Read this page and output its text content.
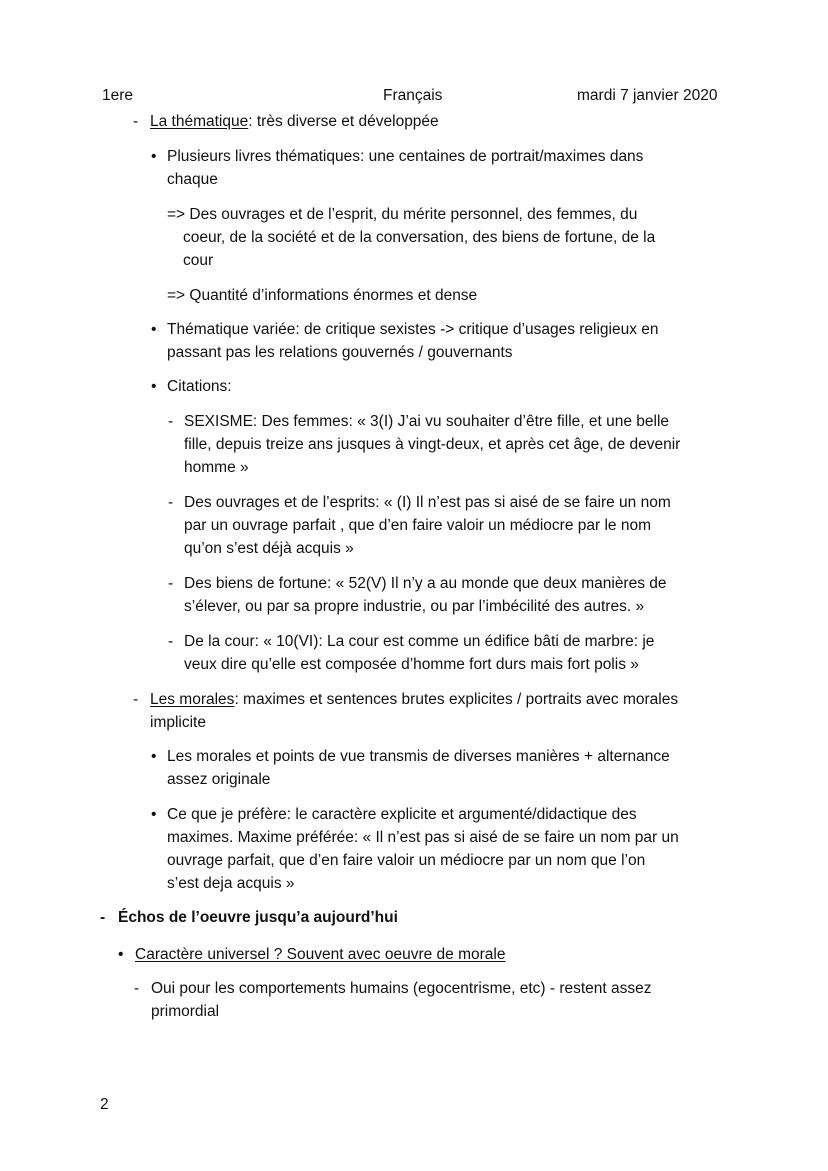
1ere	Français	mardi 7 janvier 2020
- La thématique: très diverse et développée
• Plusieurs livres thématiques: une centaines de portrait/maximes dans
chaque
=> Des ouvrages et de l’esprit, du mérite personnel, des femmes, du
coeur, de la société et de la conversation, des biens de fortune, de la
cour
=> Quantité d’informations énormes et dense
• Thématique variée: de critique sexistes -> critique d’usages religieux en
passant pas les relations gouvernés / gouvernants
• Citations:
- SEXISME: Des femmes: « 3(I) J’ai vu souhaiter d’être fille, et une belle
fille, depuis treize ans jusques à vingt-deux, et après cet âge, de devenir
homme »
- Des ouvrages et de l’esprits: « (I) Il n’est pas si aisé de se faire un nom
par un ouvrage parfait , que d’en faire valoir un médiocre par le nom
qu’on s’est déjà acquis »
- Des biens de fortune: « 52(V) Il n’y a au monde que deux manières de
s’élever, ou par sa propre industrie, ou par l’imbécilité des autres. »
- De la cour: « 10(VI): La cour est comme un édifice bâti de marbre: je
veux dire qu’elle est composée d’homme fort durs mais fort polis »
- Les morales: maximes et sentences brutes explicites / portraits avec morales
implicite
• Les morales et points de vue transmis de diverses manières + alternance
assez originale
• Ce que je préfère: le caractère explicite et argumenté/didactique des
maximes. Maxime préférée: « Il n’est pas si aisé de se faire un nom par un
ouvrage parfait, que d’en faire valoir un médiocre par un nom que l’on
s’est deja acquis »
- Échos de l’oeuvre jusqu’a aujourd’hui
• Caractère universel ? Souvent avec oeuvre de morale
- Oui pour les comportements humains (egocentrisme, etc) - restent assez
primordial
2
